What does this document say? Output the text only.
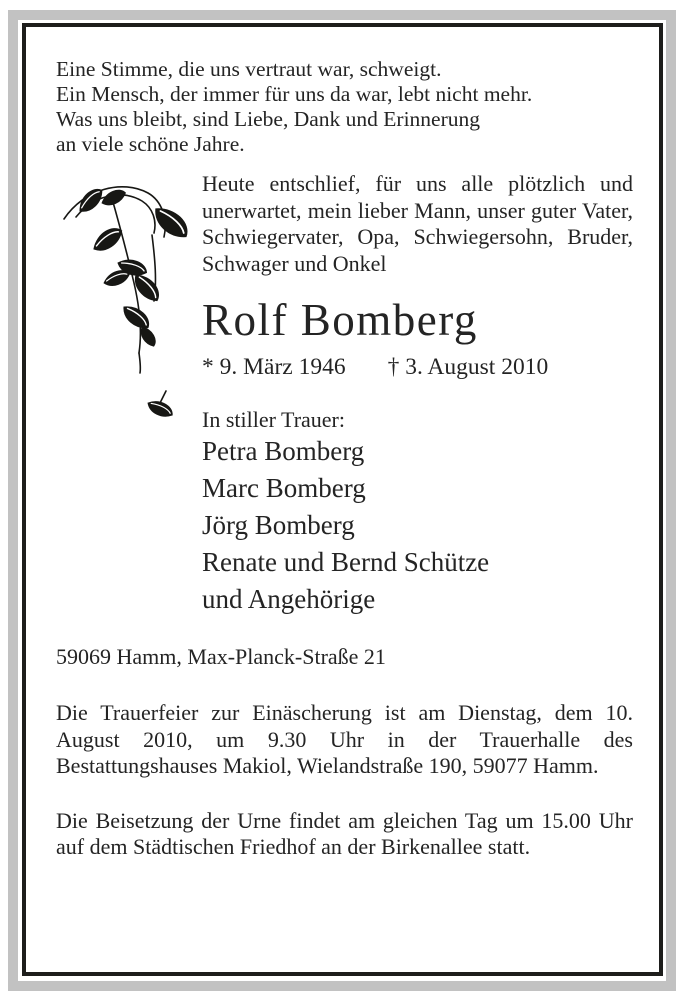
Eine Stimme, die uns vertraut war, schweigt.
Ein Mensch, der immer für uns da war, lebt nicht mehr.
Was uns bleibt, sind Liebe, Dank und Erinnerung
an viele schöne Jahre.
Heute entschlief, für uns alle plötzlich und unerwartet, mein lieber Mann, unser guter Vater, Schwiegervater, Opa, Schwiegersohn, Bruder, Schwager und Onkel
Rolf Bomberg
* 9. März 1946 † 3. August 2010
In stiller Trauer:
Petra Bomberg
Marc Bomberg
Jörg Bomberg
Renate und Bernd Schütze
und Angehörige
59069 Hamm, Max-Planck-Straße 21
Die Trauerfeier zur Einäscherung ist am Dienstag, dem 10. August 2010, um 9.30 Uhr in der Trauerhalle des Bestattungshauses Makiol, Wielandstraße 190, 59077 Hamm.
Die Beisetzung der Urne findet am gleichen Tag um 15.00 Uhr auf dem Städtischen Friedhof an der Birkenallee statt.
